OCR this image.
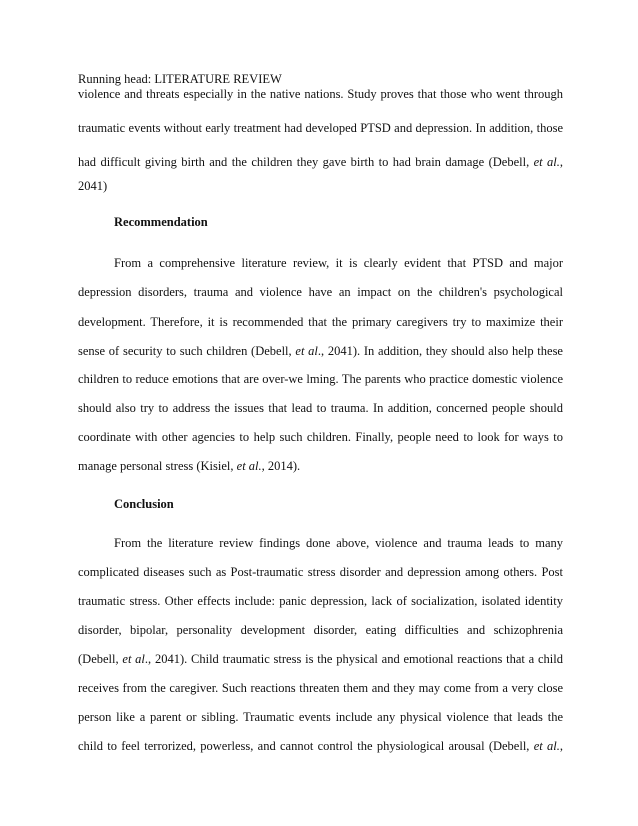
Running head: LITERATURE REVIEW
violence and threats especially in the native nations. Study proves that those who went through
traumatic events without early treatment had developed PTSD and depression. In addition, those
had difficult giving birth and the children they gave birth to had brain damage (Debell, et al.,
2041)
Recommendation
From a comprehensive literature review, it is clearly evident that PTSD and major
depression disorders, trauma and violence have an impact on the children's psychological
development. Therefore, it is recommended that the primary caregivers try to maximize their
sense of security to such children (Debell, et al., 2041). In addition, they should also help these
children to reduce emotions that are over-we lming. The parents who practice domestic violence
should also try to address the issues that lead to trauma. In addition, concerned people should
coordinate with other agencies to help such children. Finally, people need to look for ways to
manage personal stress (Kisiel, et al., 2014).
Conclusion
From the literature review findings done above, violence and trauma leads to many
complicated diseases such as Post-traumatic stress disorder and depression among others. Post
traumatic stress. Other effects include: panic depression, lack of socialization, isolated identity
disorder, bipolar, personality development disorder, eating difficulties and schizophrenia
(Debell, et al., 2041). Child traumatic stress is the physical and emotional reactions that a child
receives from the caregiver. Such reactions threaten them and they may come from a very close
person like a parent or sibling. Traumatic events include any physical violence that leads the
child to feel terrorized, powerless, and cannot control the physiological arousal (Debell, et al.,
